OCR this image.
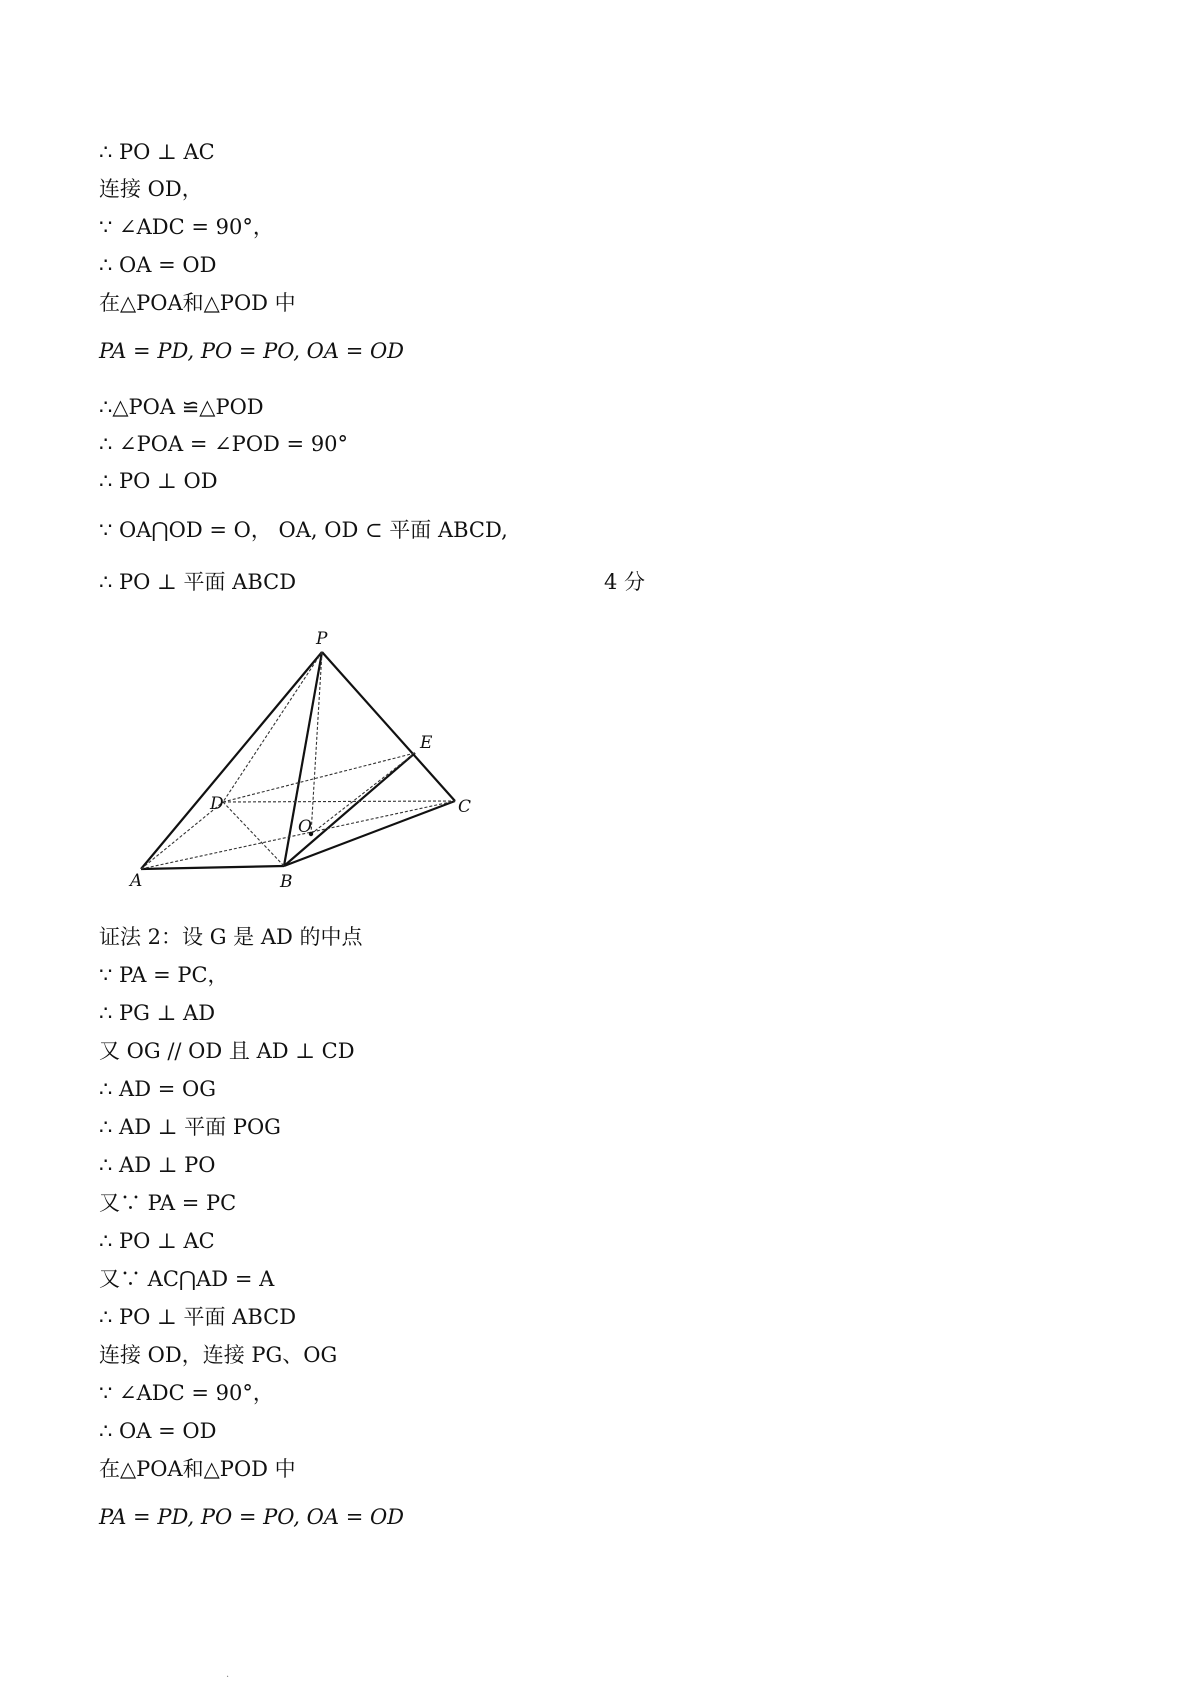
∴ PO ⊥ AC
连接 OD，
∵ ∠ADC = 90°，
∴ OA = OD
在△POA和△POD 中
PA = PD, PO = PO, OA = OD
∴△POA ≌△POD
∴ ∠POA = ∠POD = 90°
∴ PO ⊥ OD
∵ OA⋂OD = O， OA, OD ⊂ 平面 ABCD,
∴ PO ⊥ 平面 ABCD	4 分
P
E
D	C
O
A	B
证法 2：设 G 是 AD 的中点
∵ PA = PC，
∴ PG ⊥ AD
又 OG // OD 且 AD ⊥ CD
∴ AD = OG
∴ AD ⊥ 平面 POG
∴ AD ⊥ PO
又∵ PA = PC
∴ PO ⊥ AC
又∵ AC⋂AD = A
∴ PO ⊥ 平面 ABCD
连接 OD，连接 PG、OG
∵ ∠ADC = 90°，
∴ OA = OD
在△POA和△POD 中
PA = PD, PO = PO, OA = OD
·
